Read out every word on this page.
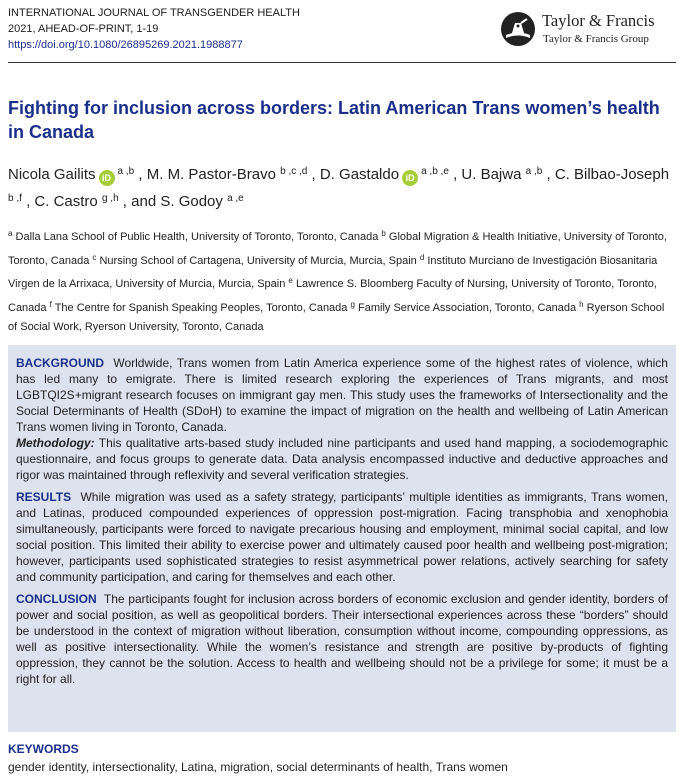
INTERNATIONAL JOURNAL OF TRANSGENDER HEALTH
2021, AHEAD-OF-PRINT, 1-19
https://doi.org/10.1080/26895269.2021.1988877
Taylor & Francis
Taylor & Francis Group
Fighting for inclusion across borders: Latin American Trans women’s health in Canada
Nicola Gailits iD$^{a ,b}$ , M. M. Pastor-Bravo $^{b ,c ,d}$ , D. Gastaldo iD$^{a ,b ,e}$ , U. Bajwa $^{a ,b}$ , C. Bilbao-Joseph $^{b ,f}$ , C. Castro $^{g ,h}$ , and S. Godoy $^{a ,e}$
$^a$ Dalla Lana School of Public Health, University of Toronto, Toronto, Canada $^b$ Global Migration & Health Initiative, University of Toronto, Toronto, Canada $^c$ Nursing School of Cartagena, University of Murcia, Murcia, Spain $^d$ Instituto Murciano de Investigación Biosanitaria Virgen de la Arrixaca, University of Murcia, Murcia, Spain $^e$ Lawrence S. Bloomberg Faculty of Nursing, University of Toronto, Toronto, Canada $^f$ The Centre for Spanish Speaking Peoples, Toronto, Canada $^g$ Family Service Association, Toronto, Canada $^h$ Ryerson School of Social Work, Ryerson University, Toronto, Canada

BACKGROUND Worldwide, Trans women from Latin America experience some of the highest rates of violence, which has led many to emigrate. There is limited research exploring the experiences of Trans migrants, and most LGBTQI2S+migrant research focuses on immigrant gay men. This study uses the frameworks of Intersectionality and the Social Determinants of Health (SDoH) to examine the impact of migration on the health and wellbeing of Latin American Trans women living in Toronto, Canada.
Methodology: This qualitative arts-based study included nine participants and used hand mapping, a sociodemographic questionnaire, and focus groups to generate data. Data analysis encompassed inductive and deductive approaches and rigor was maintained through reflexivity and several verification strategies.

RESULTS While migration was used as a safety strategy, participants’ multiple identities as immigrants, Trans women, and Latinas, produced compounded experiences of oppression post-migration. Facing transphobia and xenophobia simultaneously, participants were forced to navigate precarious housing and employment, minimal social capital, and low social position. This limited their ability to exercise power and ultimately caused poor health and wellbeing post-migration; however, participants used sophisticated strategies to resist asymmetrical power relations, actively searching for safety and community participation, and caring for themselves and each other.

CONCLUSION The participants fought for inclusion across borders of economic exclusion and gender identity, borders of power and social position, as well as geopolitical borders. Their intersectional experiences across these “borders” should be understood in the context of migration without liberation, consumption without income, compounding oppressions, as well as positive intersectionality. While the women’s resistance and strength are positive by-products of fighting oppression, they cannot be the solution. Access to health and wellbeing should not be a privilege for some; it must be a right for all.

KEYWORDS
gender identity, intersectionality, Latina, migration, social determinants of health, Trans women
